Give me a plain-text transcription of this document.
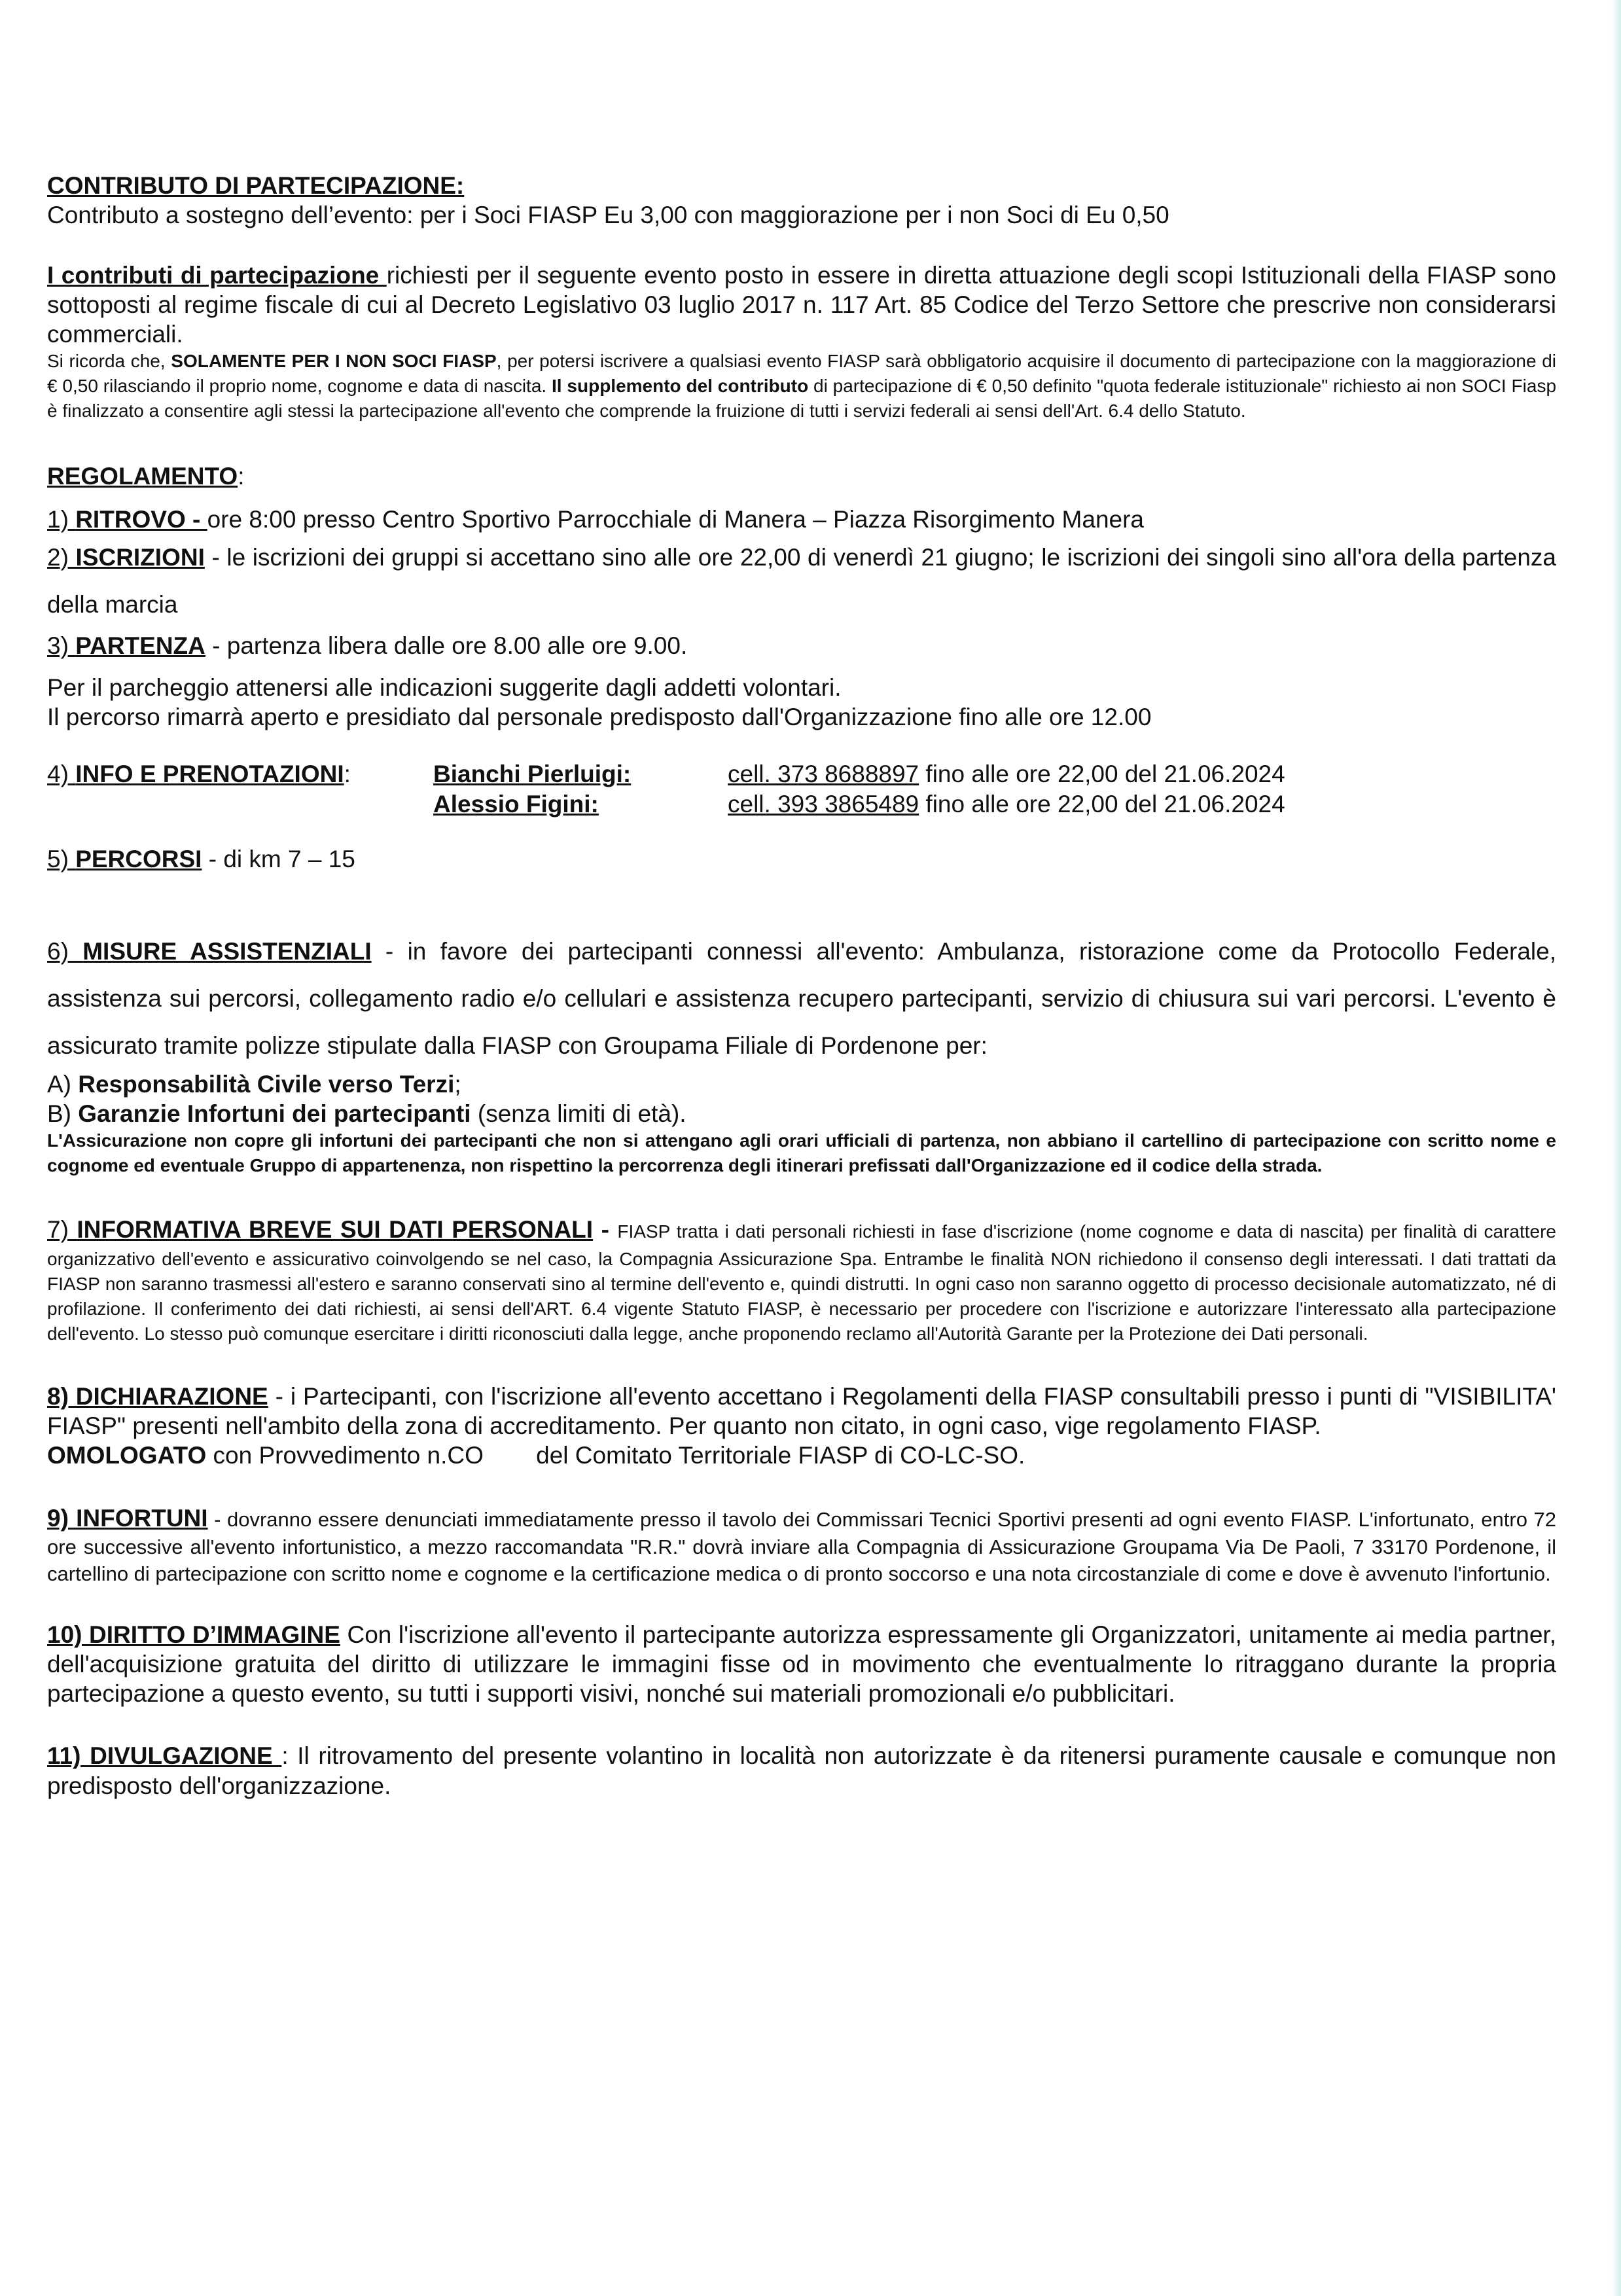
CONTRIBUTO DI PARTECIPAZIONE:

Contributo a sostegno dell’evento: per i Soci FIASP Eu 3,00 con maggiorazione per i non Soci di Eu 0,50

I contributi di partecipazione richiesti per il seguente evento posto in essere in diretta attuazione degli scopi Istituzionali della FIASP sono sottoposti al regime fiscale di cui al Decreto Legislativo 03 luglio 2017 n. 117 Art. 85 Codice del Terzo Settore che prescrive non considerarsi commerciali.

Si ricorda che, SOLAMENTE PER I NON SOCI FIASP, per potersi iscrivere a qualsiasi evento FIASP sarà obbligatorio acquisire il documento di partecipazione con la maggiorazione di € 0,50 rilasciando il proprio nome, cognome e data di nascita. Il supplemento del contributo di partecipazione di € 0,50 definito "quota federale istituzionale" richiesto ai non SOCI Fiasp è finalizzato a consentire agli stessi la partecipazione all'evento che comprende la fruizione di tutti i servizi federali ai sensi dell'Art. 6.4 dello Statuto.

REGOLAMENTO:

1) RITROVO - ore 8:00 presso Centro Sportivo Parrocchiale di Manera – Piazza Risorgimento Manera

2) ISCRIZIONI - le iscrizioni dei gruppi si accettano sino alle ore 22,00 di venerdì 21 giugno; le iscrizioni dei singoli sino all'ora della partenza della marcia

3) PARTENZA - partenza libera dalle ore 8.00 alle ore 9.00.

Per il parcheggio attenersi alle indicazioni suggerite dagli addetti volontari.

Il percorso rimarrà aperto e presidiato dal personale predisposto dall'Organizzazione fino alle ore 12.00

4) INFO E PRENOTAZIONI:	Bianchi Pierluigi:	cell. 373 8688897 fino alle ore 22,00 del 21.06.2024
Alessio Figini:	cell. 393 3865489 fino alle ore 22,00 del 21.06.2024

5) PERCORSI - di km 7 – 15

6) MISURE ASSISTENZIALI - in favore dei partecipanti connessi all'evento: Ambulanza, ristorazione come da Protocollo Federale, assistenza sui percorsi, collegamento radio e/o cellulari e assistenza recupero partecipanti, servizio di chiusura sui vari percorsi. L'evento è assicurato tramite polizze stipulate dalla FIASP con Groupama Filiale di Pordenone per:

A) Responsabilità Civile verso Terzi;

B) Garanzie Infortuni dei partecipanti (senza limiti di età).

L'Assicurazione non copre gli infortuni dei partecipanti che non si attengano agli orari ufficiali di partenza, non abbiano il cartellino di partecipazione con scritto nome e cognome ed eventuale Gruppo di appartenenza, non rispettino la percorrenza degli itinerari prefissati dall'Organizzazione ed il codice della strada.

7) INFORMATIVA BREVE SUI DATI PERSONALI - FIASP tratta i dati personali richiesti in fase d'iscrizione (nome cognome e data di nascita) per finalità di carattere organizzativo dell'evento e assicurativo coinvolgendo se nel caso, la Compagnia Assicurazione Spa. Entrambe le finalità NON richiedono il consenso degli interessati. I dati trattati da FIASP non saranno trasmessi all'estero e saranno conservati sino al termine dell'evento e, quindi distrutti. In ogni caso non saranno oggetto di processo decisionale automatizzato, né di profilazione. Il conferimento dei dati richiesti, ai sensi dell'ART. 6.4 vigente Statuto FIASP, è necessario per procedere con l'iscrizione e autorizzare l'interessato alla partecipazione dell'evento. Lo stesso può comunque esercitare i diritti riconosciuti dalla legge, anche proponendo reclamo all'Autorità Garante per la Protezione dei Dati personali.

8) DICHIARAZIONE - i Partecipanti, con l'iscrizione all'evento accettano i Regolamenti della FIASP consultabili presso i punti di "VISIBILITA' FIASP" presenti nell'ambito della zona di accreditamento. Per quanto non citato, in ogni caso, vige regolamento FIASP.

OMOLOGATO con Provvedimento n.CO del Comitato Territoriale FIASP di CO-LC-SO.

9) INFORTUNI - dovranno essere denunciati immediatamente presso il tavolo dei Commissari Tecnici Sportivi presenti ad ogni evento FIASP. L'infortunato, entro 72 ore successive all'evento infortunistico, a mezzo raccomandata "R.R." dovrà inviare alla Compagnia di Assicurazione Groupama Via De Paoli, 7 33170 Pordenone, il cartellino di partecipazione con scritto nome e cognome e la certificazione medica o di pronto soccorso e una nota circostanziale di come e dove è avvenuto l'infortunio.

10) DIRITTO D’IMMAGINE Con l'iscrizione all'evento il partecipante autorizza espressamente gli Organizzatori, unitamente ai media partner, dell'acquisizione gratuita del diritto di utilizzare le immagini fisse od in movimento che eventualmente lo ritraggano durante la propria partecipazione a questo evento, su tutti i supporti visivi, nonché sui materiali promozionali e/o pubblicitari.

11) DIVULGAZIONE : Il ritrovamento del presente volantino in località non autorizzate è da ritenersi puramente causale e comunque non predisposto dell'organizzazione.
